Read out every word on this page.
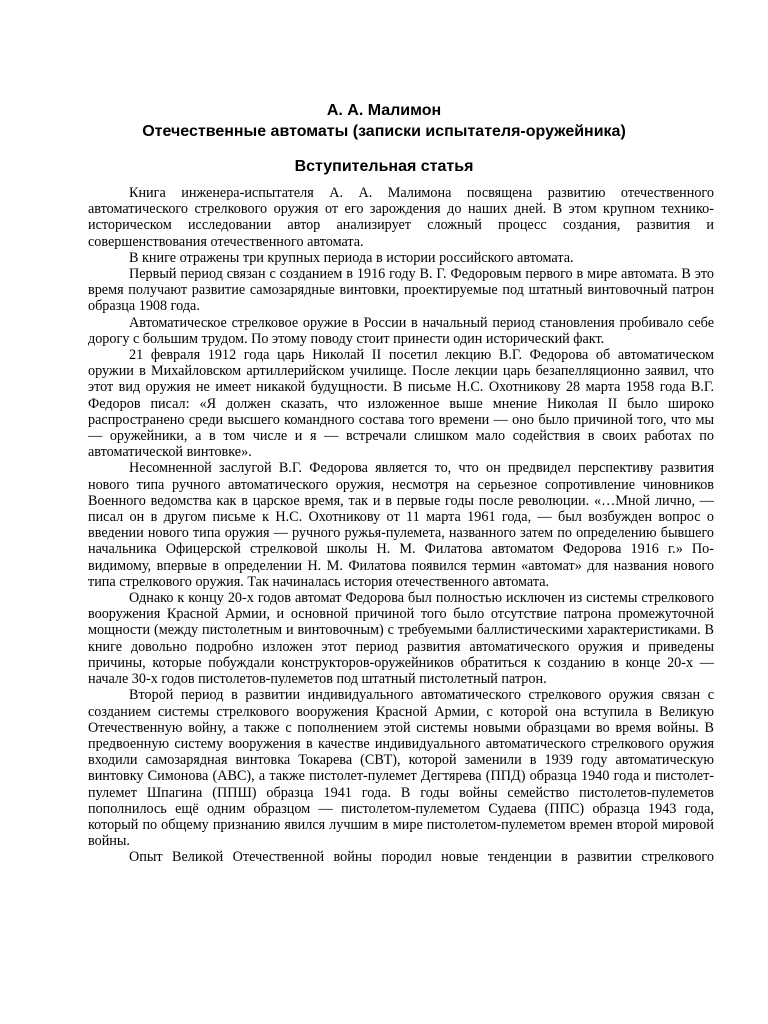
А. А. Малимон
Отечественные автоматы (записки испытателя-оружейника)
Вступительная статья

Книга инженера-испытателя А. А. Малимона посвящена развитию отечественного автоматического стрелкового оружия от его зарождения до наших дней. В этом крупном технико-историческом исследовании автор анализирует сложный процесс создания, развития и совершенствования отечественного автомата.

В книге отражены три крупных периода в истории российского автомата.

Первый период связан с созданием в 1916 году В. Г. Федоровым первого в мире автомата. В это время получают развитие самозарядные винтовки, проектируемые под штатный винтовочный патрон образца 1908 года.

Автоматическое стрелковое оружие в России в начальный период становления пробивало себе дорогу с большим трудом. По этому поводу стоит принести один исторический факт.

21 февраля 1912 года царь Николай II посетил лекцию В.Г. Федорова об автоматическом оружии в Михайловском артиллерийском училище. После лекции царь безапелляционно заявил, что этот вид оружия не имеет никакой будущности. В письме Н.С. Охотникову 28 марта 1958 года В.Г. Федоров писал: «Я должен сказать, что изложенное выше мнение Николая II было широко распространено среди высшего командного состава того времени — оно было причиной того, что мы — оружейники, а в том числе и я — встречали слишком мало содействия в своих работах по автоматической винтовке».

Несомненной заслугой В.Г. Федорова является то, что он предвидел перспективу развития нового типа ручного автоматического оружия, несмотря на серьезное сопротивление чиновников Военного ведомства как в царское время, так и в первые годы после революции. «…Мной лично, — писал он в другом письме к Н.С. Охотникову от 11 марта 1961 года, — был возбужден вопрос о введении нового типа оружия — ручного ружья-пулемета, названного затем по определению бывшего начальника Офицерской стрелковой школы Н. М. Филатова автоматом Федорова 1916 г.» По-видимому, впервые в определении Н. М. Филатова появился термин «автомат» для названия нового типа стрелкового оружия. Так начиналась история отечественного автомата.

Однако к концу 20-х годов автомат Федорова был полностью исключен из системы стрелкового вооружения Красной Армии, и основной причиной того было отсутствие патрона промежуточной мощности (между пистолетным и винтовочным) с требуемыми баллистическими характеристиками. В книге довольно подробно изложен этот период развития автоматического оружия и приведены причины, которые побуждали конструкторов-оружейников обратиться к созданию в конце 20-х — начале 30-х годов пистолетов-пулеметов под штатный пистолетный патрон.

Второй период в развитии индивидуального автоматического стрелкового оружия связан с созданием системы стрелкового вооружения Красной Армии, с которой она вступила в Великую Отечественную войну, а также с пополнением этой системы новыми образцами во время войны. В предвоенную систему вооружения в качестве индивидуального автоматического стрелкового оружия входили самозарядная винтовка Токарева (СВТ), которой заменили в 1939 году автоматическую винтовку Симонова (АВС), а также пистолет-пулемет Дегтярева (ППД) образца 1940 года и пистолет-пулемет Шпагина (ППШ) образца 1941 года. В годы войны семейство пистолетов-пулеметов пополнилось ещё одним образцом — пистолетом-пулеметом Судаева (ППС) образца 1943 года, который по общему признанию явился лучшим в мире пистолетом-пулеметом времен второй мировой войны.

Опыт Великой Отечественной войны породил новые тенденции в развитии стрелкового
